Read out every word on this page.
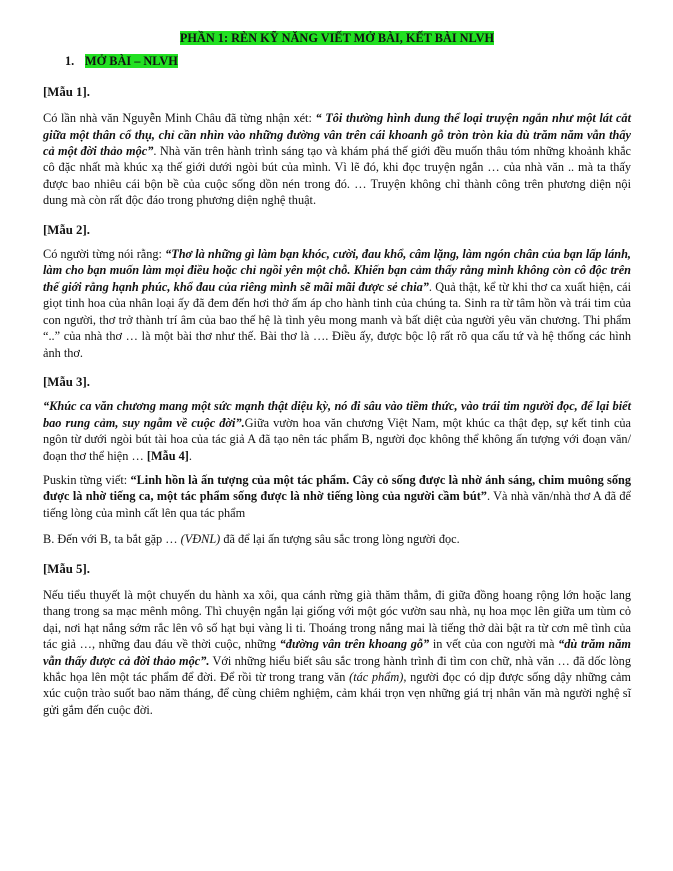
PHẦN 1: RÈN KỸ NĂNG VIẾT MỞ BÀI, KẾT BÀI NLVH
1. MỞ BÀI – NLVH
[Mẫu 1].

Có lần nhà văn Nguyễn Minh Châu đã từng nhận xét: “ Tôi thường hình dung thể loại truyện ngắn như một lát cắt giữa một thân cổ thụ, chỉ cần nhìn vào những đường vân trên cái khoanh gỗ tròn tròn kia dù trăm năm vẫn thấy cả một đời thảo mộc”. Nhà văn trên hành trình sáng tạo và khám phá thế giới đều muốn thâu tóm những khoảnh khắc cô đặc nhất mà khúc xạ thế giới dưới ngòi bút của mình. Vì lẽ đó, khi đọc truyện ngắn … của nhà văn .. mà ta thấy được bao nhiêu cái bộn bề của cuộc sống dồn nén trong đó. … Truyện không chỉ thành công trên phương diện nội dung mà còn rất độc đáo trong phương diện nghệ thuật.

[Mẫu 2].

Có người từng nói rằng: “Thơ là những gì làm bạn khóc, cười, đau khổ, câm lặng, làm ngón chân của bạn lấp lánh, làm cho bạn muốn làm mọi điều hoặc chỉ ngồi yên một chỗ. Khiến bạn cảm thấy rằng mình không còn cô độc trên thế giới rằng hạnh phúc, khổ đau của riêng mình sẽ mãi mãi được sẻ chia”. Quả thật, kể từ khi thơ ca xuất hiện, cái giọt tinh hoa của nhân loại ấy đã đem đến hơi thở ấm áp cho hành tinh của chúng ta. Sinh ra từ tâm hồn và trái tim của con người, thơ trở thành trí âm của bao thế hệ là tình yêu mong manh và bất diệt của người yêu văn chương. Thi phẩm “..” của nhà thơ … là một bài thơ như thế. Bài thơ là …. Điều ấy, được bộc lộ rất rõ qua cấu tứ và hệ thống các hình ảnh thơ.

[Mẫu 3].

“Khúc ca văn chương mang một sức mạnh thật diệu kỳ, nó đi sâu vào tiềm thức, vào trái tim người đọc, để lại biết bao rung cảm, suy ngẫm về cuộc đời”.Giữa vườn hoa văn chương Việt Nam, một khúc ca thật đẹp, sự kết tinh của ngôn từ dưới ngòi bút tài hoa của tác giả A đã tạo nên tác phẩm B, người đọc không thể không ấn tượng với đoạn văn/đoạn thơ thể hiện … [Mẫu 4].

Puskin từng viết: “Linh hồn là ấn tượng của một tác phẩm. Cây cỏ sống được là nhờ ánh sáng, chim muông sống được là nhờ tiếng ca, một tác phẩm sống được là nhờ tiếng lòng của người cầm bút”. Và nhà văn/nhà thơ A đã để tiếng lòng của mình cất lên qua tác phẩm

B. Đến với B, ta bắt gặp … (VĐNL) đã để lại ấn tượng sâu sắc trong lòng người đọc.

[Mẫu 5].

Nếu tiểu thuyết là một chuyến du hành xa xôi, qua cánh rừng già thăm thẳm, đi giữa đồng hoang rộng lớn hoặc lang thang trong sa mạc mênh mông. Thì chuyện ngắn lại giống với một góc vườn sau nhà, nụ hoa mọc lên giữa um tùm cỏ dại, nơi hạt nắng sớm rắc lên vô số hạt bụi vàng li ti. Thoáng trong nắng mai là tiếng thở dài bật ra từ cơn mê tình của tác giả …, những đau đáu về thời cuộc, những “đường vân trên khoang gỗ” in vết của con người mà “dù trăm năm vẫn thấy được cả đời thảo mộc”. Với những hiểu biết sâu sắc trong hành trình đi tìm con chữ, nhà văn … đã dốc lòng khắc họa lên một tác phẩm để đời. Để rồi từ trong trang văn (tác phẩm), người đọc có dịp được sống dậy những cảm xúc cuộn trào suốt bao năm tháng, để cùng chiêm nghiệm, cảm khái trọn vẹn những giá trị nhân văn mà người nghệ sĩ gửi gắm đến cuộc đời.
